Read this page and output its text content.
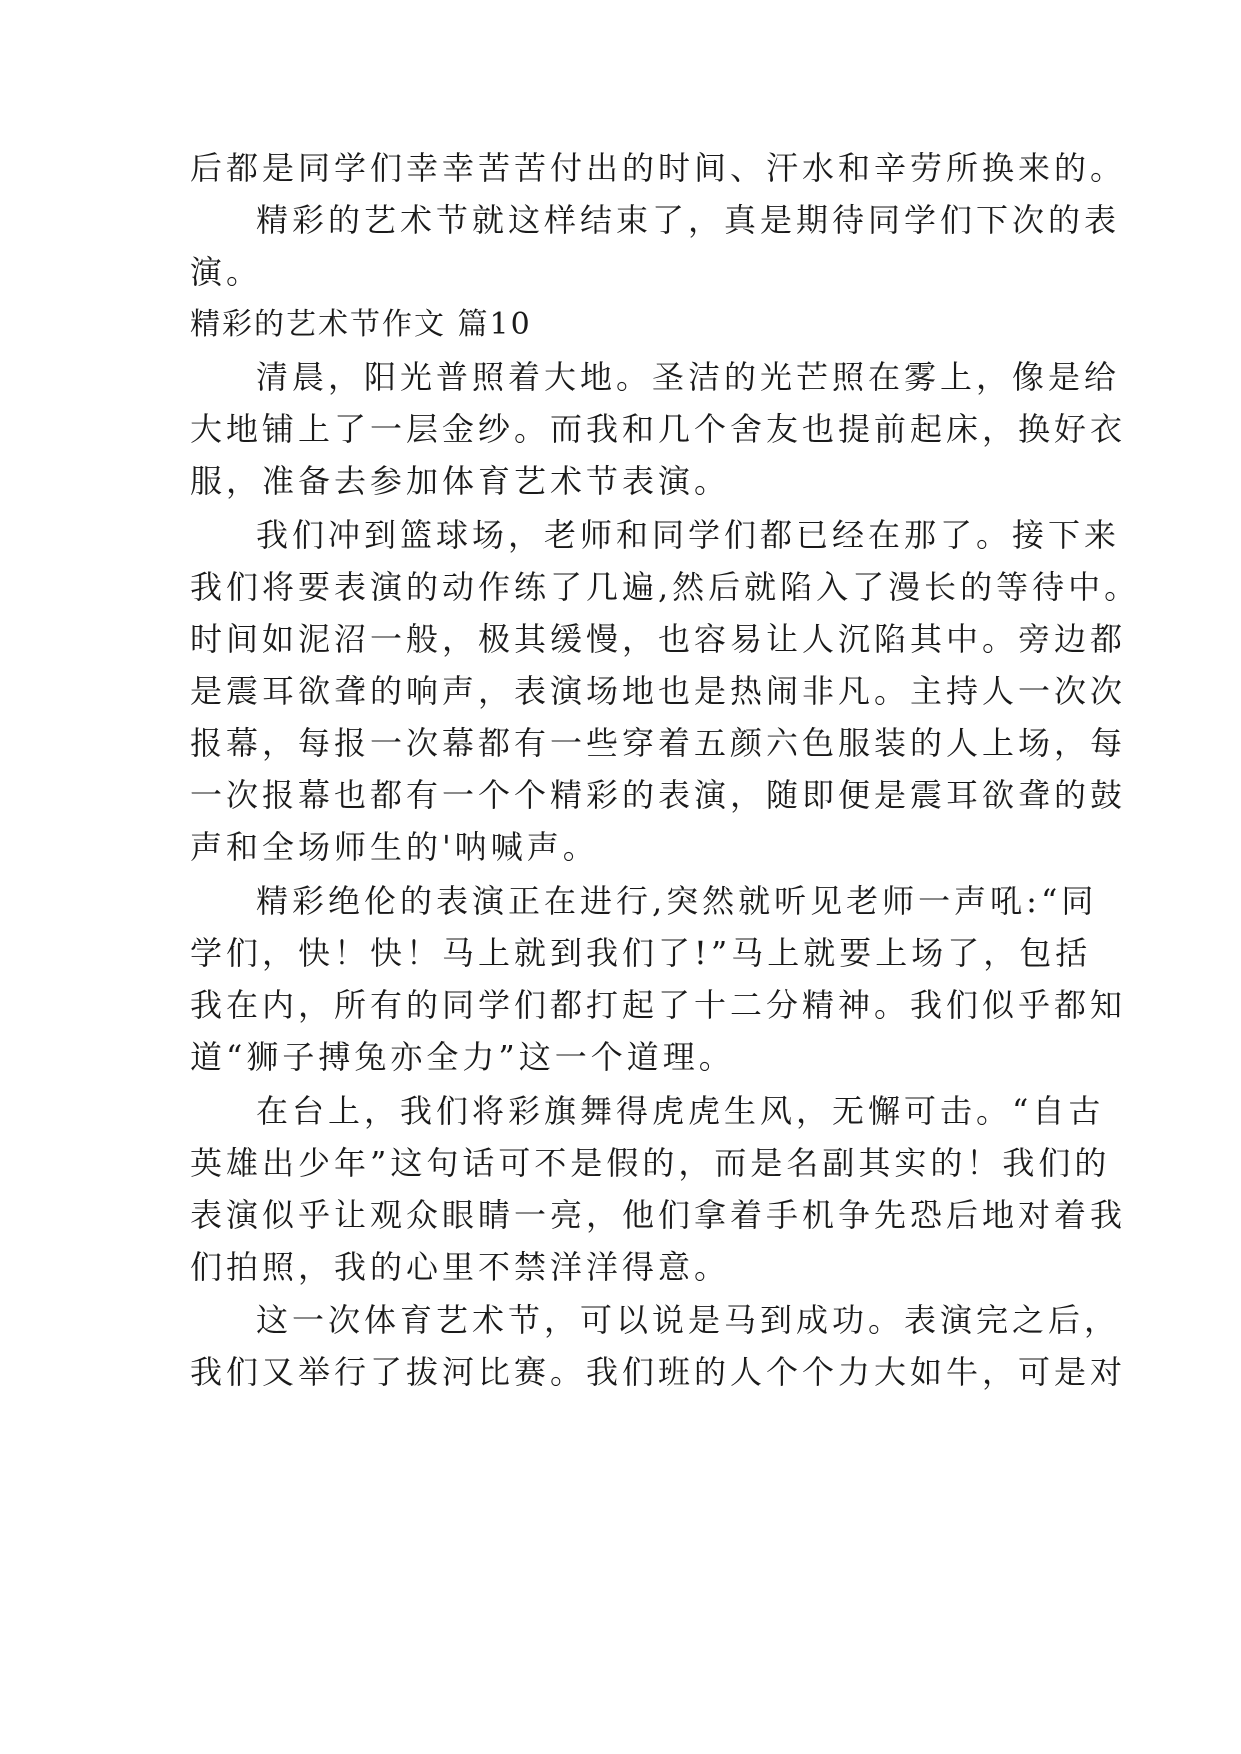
后都是同学们幸幸苦苦付出的时间、汗水和辛劳所换来的。
精彩的艺术节就这样结束了，真是期待同学们下次的表
演。
精彩的艺术节作文 篇10
清晨，阳光普照着大地。圣洁的光芒照在雾上，像是给
大地铺上了一层金纱。而我和几个舍友也提前起床，换好衣
服，准备去参加体育艺术节表演。
我们冲到篮球场，老师和同学们都已经在那了。接下来
我们将要表演的动作练了几遍,然后就陷入了漫长的等待中。
时间如泥沼一般，极其缓慢，也容易让人沉陷其中。旁边都
是震耳欲聋的响声，表演场地也是热闹非凡。主持人一次次
报幕，每报一次幕都有一些穿着五颜六色服装的人上场，每
一次报幕也都有一个个精彩的表演，随即便是震耳欲聋的鼓
声和全场师生的'呐喊声。
精彩绝伦的表演正在进行,突然就听见老师一声吼:“同
学们，快！快！马上就到我们了!”马上就要上场了，包括
我在内，所有的同学们都打起了十二分精神。我们似乎都知
道“狮子搏兔亦全力”这一个道理。
在台上，我们将彩旗舞得虎虎生风，无懈可击。“自古
英雄出少年”这句话可不是假的，而是名副其实的！我们的
表演似乎让观众眼睛一亮，他们拿着手机争先恐后地对着我
们拍照，我的心里不禁洋洋得意。
这一次体育艺术节，可以说是马到成功。表演完之后，
我们又举行了拔河比赛。我们班的人个个力大如牛，可是对
